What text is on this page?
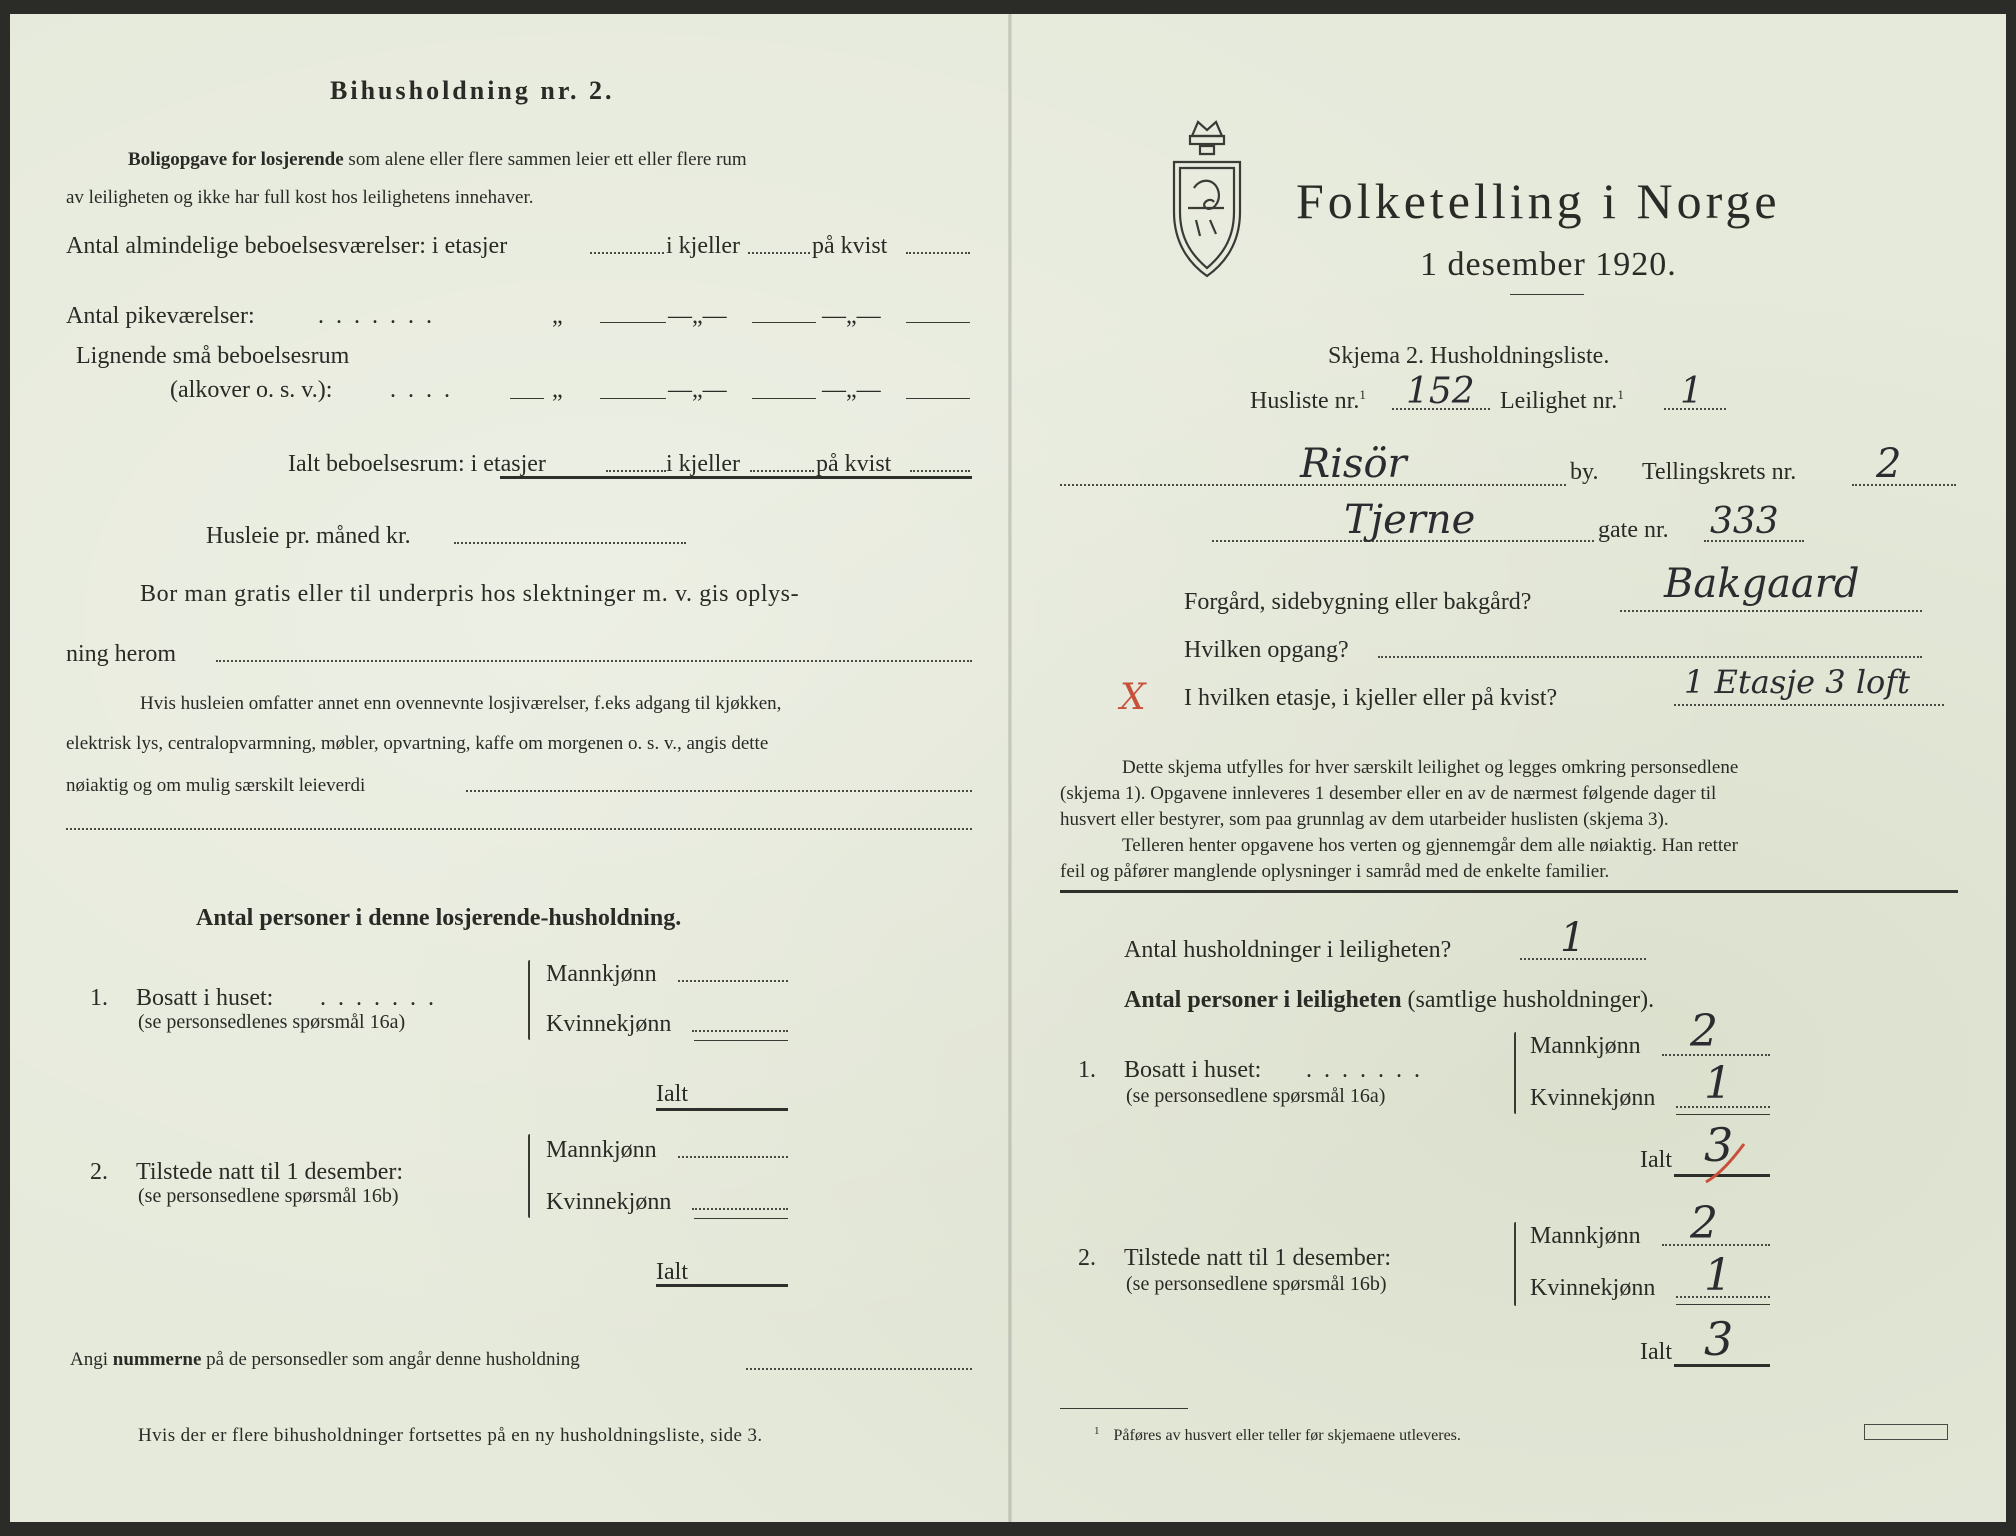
Bihusholdning nr. 2.
Boligopgave for losjerende som alene eller flere sammen leier ett eller flere rum
av leiligheten og ikke har full kost hos leilighetens innehaver.
Antal almindelige beboelsesværelser: i etasjer	i kjeller	på kvist
Antal pikeværelser:	.......	„	—„—	—„—
Lignende små beboelsesrum
(alkover o. s. v.): ....	„	—„—	—„—
Ialt beboelsesrum: i etasjer	i kjeller	på kvist
Husleie pr. måned kr.
Bor man gratis eller til underpris hos slektninger m. v. gis oplys-
ning herom
Hvis husleien omfatter annet enn ovennevnte losjiværelser, f.eks adgang til kjøkken,
elektrisk lys, centralopvarmning, møbler, opvartning, kaffe om morgenen o. s. v., angis dette
nøiaktig og om mulig særskilt leieverdi
Antal personer i denne losjerende-husholdning.
1. Bosatt i huset: .......
(se personsedlenes spørsmål 16a)
Mannkjønn
Kvinnekjønn
Ialt
2. Tilstede natt til 1 desember:
(se personsedlene spørsmål 16b)
Mannkjønn
Kvinnekjønn
Ialt
Angi nummerne på de personsedler som angår denne husholdning
Hvis der er flere bihusholdninger fortsettes på en ny husholdningsliste, side 3.
Folketelling i Norge
1 desember 1920.
Skjema 2. Husholdningsliste.
Husliste nr.$^1$ 152 Leilighet nr.$^1$ 1
Risör	by. Tellingskrets nr. 2
Tjerne	gate nr. 333
Forgård, sidebygning eller bakgård?	Bakgaard
Hvilken opgang?
X I hvilken etasje, i kjeller eller på kvist?	1 Etasje 3 loft
Dette skjema utfylles for hver særskilt leilighet og legges omkring personsedlene
(skjema 1). Opgavene innleveres 1 desember eller en av de nærmest følgende dager til
husvert eller bestyrer, som paa grunnlag av dem utarbeider huslisten (skjema 3).
Telleren henter opgavene hos verten og gjennemgår dem alle nøiaktig. Han retter
feil og påfører manglende oplysninger i samråd med de enkelte familier.
Antal husholdninger i leiligheten?	1
Antal personer i leiligheten (samtlige husholdninger).
1. Bosatt i huset: .......
(se personsedlene spørsmål 16a)
Mannkjønn 2
Kvinnekjønn 1
Ialt 3
2. Tilstede natt til 1 desember:
(se personsedlene spørsmål 16b)
Mannkjønn 2
Kvinnekjønn 1
Ialt 3
$^1$ Påføres av husvert eller teller før skjemaene utleveres.
